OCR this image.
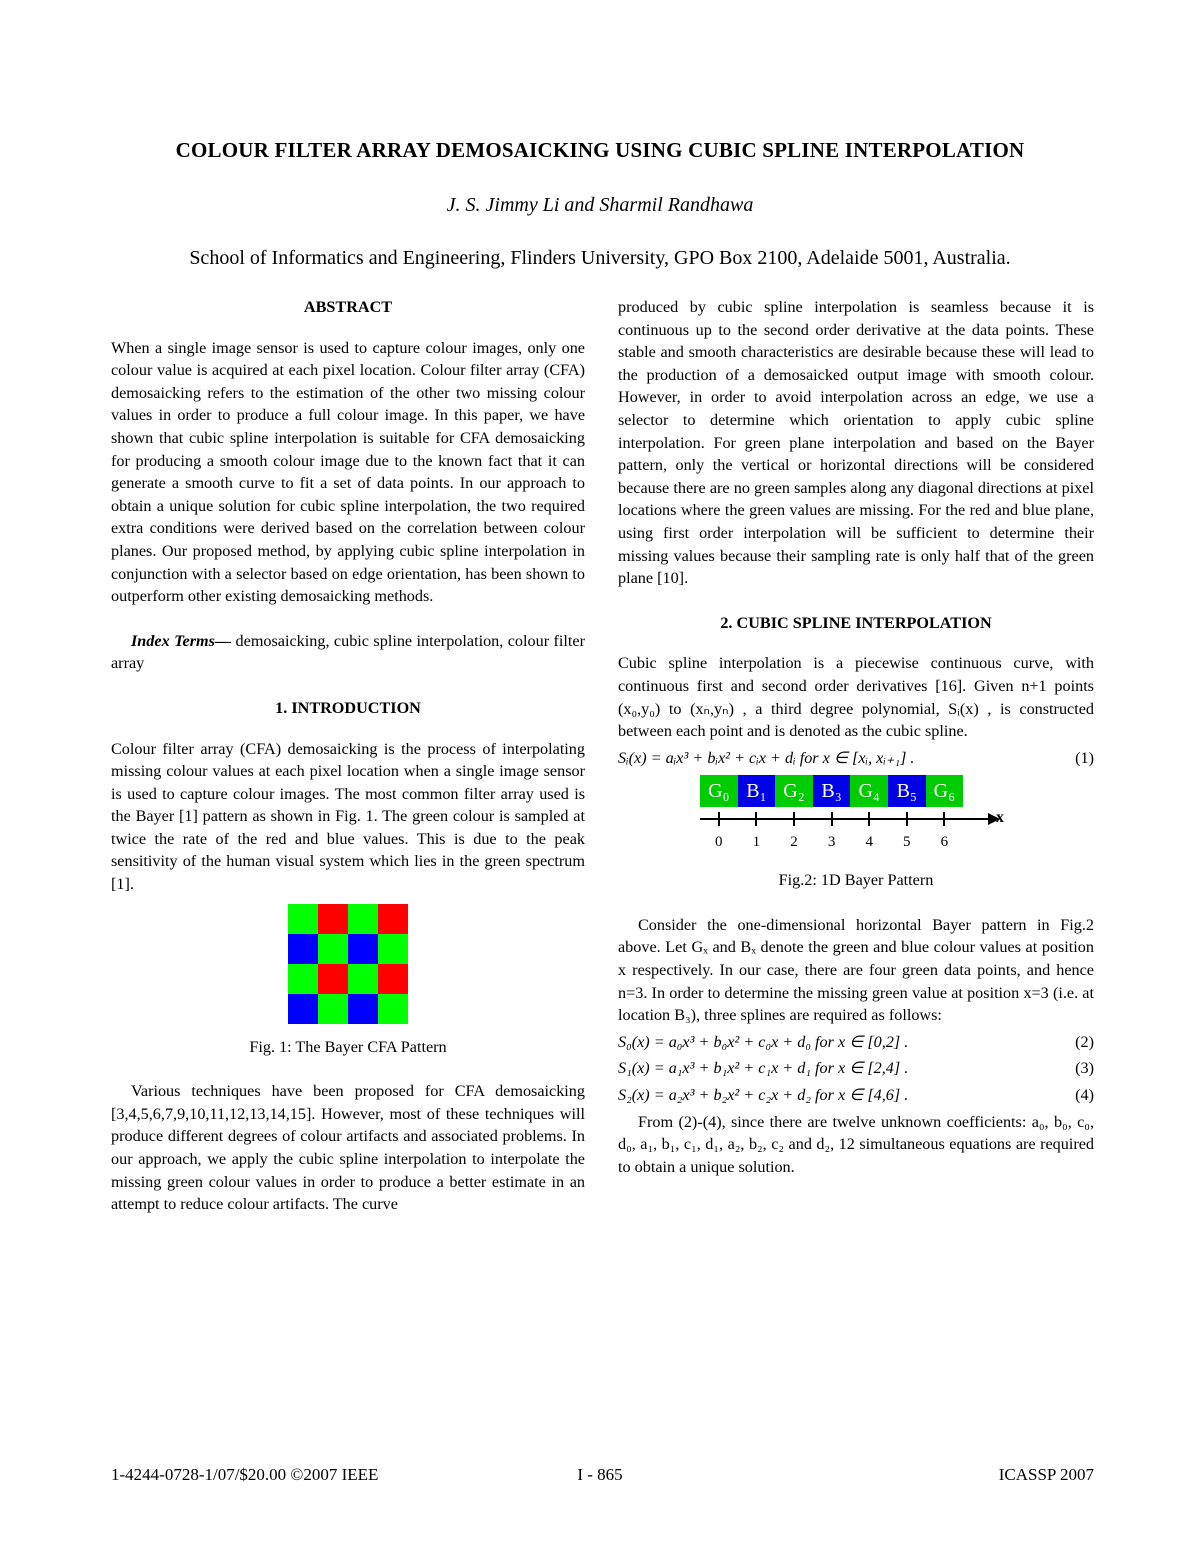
COLOUR FILTER ARRAY DEMOSAICKING USING CUBIC SPLINE INTERPOLATION
J. S. Jimmy Li and Sharmil Randhawa
School of Informatics and Engineering, Flinders University, GPO Box 2100, Adelaide 5001, Australia.
ABSTRACT

When a single image sensor is used to capture colour images, only one colour value is acquired at each pixel location. Colour filter array (CFA) demosaicking refers to the estimation of the other two missing colour values in order to produce a full colour image. In this paper, we have shown that cubic spline interpolation is suitable for CFA demosaicking for producing a smooth colour image due to the known fact that it can generate a smooth curve to fit a set of data points. In our approach to obtain a unique solution for cubic spline interpolation, the two required extra conditions were derived based on the correlation between colour planes. Our proposed method, by applying cubic spline interpolation in conjunction with a selector based on edge orientation, has been shown to outperform other existing demosaicking methods.

Index Terms— demosaicking, cubic spline interpolation, colour filter array

1. INTRODUCTION

Colour filter array (CFA) demosaicking is the process of interpolating missing colour values at each pixel location when a single image sensor is used to capture colour images. The most common filter array used is the Bayer [1] pattern as shown in Fig. 1. The green colour is sampled at twice the rate of the red and blue values. This is due to the peak sensitivity of the human visual system which lies in the green spectrum [1].

Fig. 1: The Bayer CFA Pattern

Various techniques have been proposed for CFA demosaicking [3,4,5,6,7,9,10,11,12,13,14,15]. However, most of these techniques will produce different degrees of colour artifacts and associated problems. In our approach, we apply the cubic spline interpolation to interpolate the missing green colour values in order to produce a better estimate in an attempt to reduce colour artifacts. The curve

produced by cubic spline interpolation is seamless because it is continuous up to the second order derivative at the data points. These stable and smooth characteristics are desirable because these will lead to the production of a demosaicked output image with smooth colour. However, in order to avoid interpolation across an edge, we use a selector to determine which orientation to apply cubic spline interpolation. For green plane interpolation and based on the Bayer pattern, only the vertical or horizontal directions will be considered because there are no green samples along any diagonal directions at pixel locations where the green values are missing. For the red and blue plane, using first order interpolation will be sufficient to determine their missing values because their sampling rate is only half that of the green plane [10].

2. CUBIC SPLINE INTERPOLATION

Cubic spline interpolation is a piecewise continuous curve, with continuous first and second order derivatives [16]. Given n+1 points (x₀,y₀) to (xₙ,yₙ) , a third degree polynomial, Sᵢ(x) , is constructed between each point and is denoted as the cubic spline.

Sᵢ(x) = aᵢx³ + bᵢx² + cᵢx + dᵢ for x ∈ [xᵢ, xᵢ₊₁] .	(1)
G₀ B₁ G₂ B₃ G₄ B₅ G₆
x
0 1 2 3 4 5 6
Fig.2: 1D Bayer Pattern

Consider the one-dimensional horizontal Bayer pattern in Fig.2 above. Let Gₓ and Bₓ denote the green and blue colour values at position x respectively. In our case, there are four green data points, and hence n=3. In order to determine the missing green value at position x=3 (i.e. at location B₃), three splines are required as follows:

S₀(x) = a₀x³ + b₀x² + c₀x + d₀ for x ∈ [0,2] .	(2)
S₁(x) = a₁x³ + b₁x² + c₁x + d₁ for x ∈ [2,4] .	(3)
S₂(x) = a₂x³ + b₂x² + c₂x + d₂ for x ∈ [4,6] .	(4)

From (2)-(4), since there are twelve unknown coefficients: a₀, b₀, c₀, d₀, a₁, b₁, c₁, d₁, a₂, b₂, c₂ and d₂, 12 simultaneous equations are required to obtain a unique solution.

1-4244-0728-1/07/$20.00 ©2007 IEEE	I - 865	ICASSP 2007
